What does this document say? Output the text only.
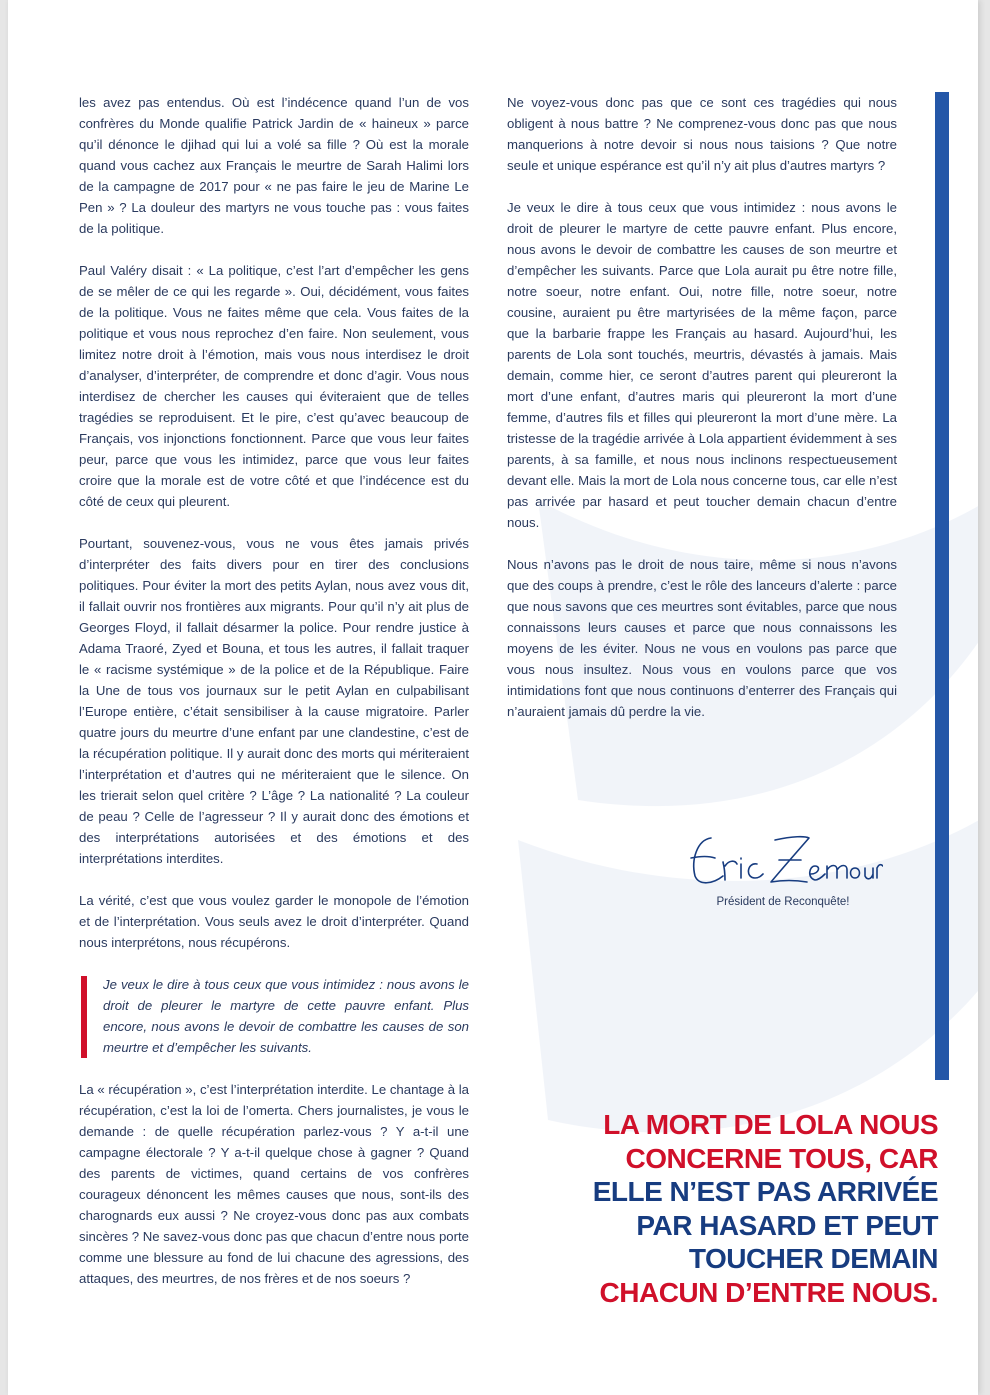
les avez pas entendus. Où est l’indécence quand l’un de vos confrères du Monde qualifie Patrick Jardin de « haineux » parce qu’il dénonce le djihad qui lui a volé sa fille ? Où est la morale quand vous cachez aux Français le meurtre de Sarah Halimi lors de la campagne de 2017 pour « ne pas faire le jeu de Marine Le Pen » ? La douleur des martyrs ne vous touche pas : vous faites de la politique.

Paul Valéry disait : « La politique, c’est l’art d’empêcher les gens de se mêler de ce qui les regarde ». Oui, décidément, vous faites de la politique. Vous ne faites même que cela. Vous faites de la politique et vous nous reprochez d’en faire. Non seulement, vous limitez notre droit à l’émotion, mais vous nous interdisez le droit d’analyser, d’interpréter, de comprendre et donc d’agir. Vous nous interdisez de chercher les causes qui éviteraient que de telles tragédies se reproduisent. Et le pire, c’est qu’avec beaucoup de Français, vos injonctions fonctionnent. Parce que vous leur faites peur, parce que vous les intimidez, parce que vous leur faites croire que la morale est de votre côté et que l’indécence est du côté de ceux qui pleurent.

Pourtant, souvenez-vous, vous ne vous êtes jamais privés d’interpréter des faits divers pour en tirer des conclusions politiques. Pour éviter la mort des petits Aylan, nous avez vous dit, il fallait ouvrir nos frontières aux migrants. Pour qu’il n’y ait plus de Georges Floyd, il fallait désarmer la police. Pour rendre justice à Adama Traoré, Zyed et Bouna, et tous les autres, il fallait traquer le « racisme systémique » de la police et de la République. Faire la Une de tous vos journaux sur le petit Aylan en culpabilisant l’Europe entière, c’était sensibiliser à la cause migratoire. Parler quatre jours du meurtre d’une enfant par une clandestine, c’est de la récupération politique. Il y aurait donc des morts qui mériteraient l’interprétation et d’autres qui ne mériteraient que le silence. On les trierait selon quel critère ? L’âge ? La nationalité ? La couleur de peau ? Celle de l’agresseur ? Il y aurait donc des émotions et des interprétations autorisées et des émotions et des interprétations interdites.

La vérité, c’est que vous voulez garder le monopole de l’émotion et de l’interprétation. Vous seuls avez le droit d’interpréter. Quand nous interprétons, nous récupérons.

Je veux le dire à tous ceux que vous intimidez : nous avons le droit de pleurer le martyre de cette pauvre enfant. Plus encore, nous avons le devoir de combattre les causes de son meurtre et d’empêcher les suivants.

La « récupération », c’est l’interprétation interdite. Le chantage à la récupération, c’est la loi de l’omerta. Chers journalistes, je vous le demande : de quelle récupération parlez-vous ? Y a-t-il une campagne électorale ? Y a-t-il quelque chose à gagner ? Quand des parents de victimes, quand certains de vos confrères courageux dénoncent les mêmes causes que nous, sont-ils des charognards eux aussi ? Ne croyez-vous donc pas aux combats sincères ? Ne savez-vous donc pas que chacun d’entre nous porte comme une blessure au fond de lui chacune des agressions, des attaques, des meurtres, de nos frères et de nos soeurs ?

Ne voyez-vous donc pas que ce sont ces tragédies qui nous obligent à nous battre ? Ne comprenez-vous donc pas que nous manquerions à notre devoir si nous nous taisions ? Que notre seule et unique espérance est qu’il n’y ait plus d’autres martyrs ?

Je veux le dire à tous ceux que vous intimidez : nous avons le droit de pleurer le martyre de cette pauvre enfant. Plus encore, nous avons le devoir de combattre les causes de son meurtre et d’empêcher les suivants. Parce que Lola aurait pu être notre fille, notre soeur, notre enfant. Oui, notre fille, notre soeur, notre cousine, auraient pu être martyrisées de la même façon, parce que la barbarie frappe les Français au hasard. Aujourd’hui, les parents de Lola sont touchés, meurtris, dévastés à jamais. Mais demain, comme hier, ce seront d’autres parent qui pleureront la mort d’une enfant, d’autres maris qui pleureront la mort d’une femme, d’autres fils et filles qui pleureront la mort d’une mère. La tristesse de la tragédie arrivée à Lola appartient évidemment à ses parents, à sa famille, et nous nous inclinons respectueusement devant elle. Mais la mort de Lola nous concerne tous, car elle n’est pas arrivée par hasard et peut toucher demain chacun d’entre nous.

Nous n’avons pas le droit de nous taire, même si nous n’avons que des coups à prendre, c’est le rôle des lanceurs d’alerte : parce que nous savons que ces meurtres sont évitables, parce que nous connaissons leurs causes et parce que nous connaissons les moyens de les éviter. Nous ne vous en voulons pas parce que vous nous insultez. Nous vous en voulons parce que vos intimidations font que nous continuons d’enterrer des Français qui n’auraient jamais dû perdre la vie.

Président de Reconquête!
LA MORT DE LOLA NOUS
CONCERNE TOUS, CAR
ELLE N’EST PAS ARRIVÉE
PAR HASARD ET PEUT
TOUCHER DEMAIN
CHACUN D’ENTRE NOUS.
